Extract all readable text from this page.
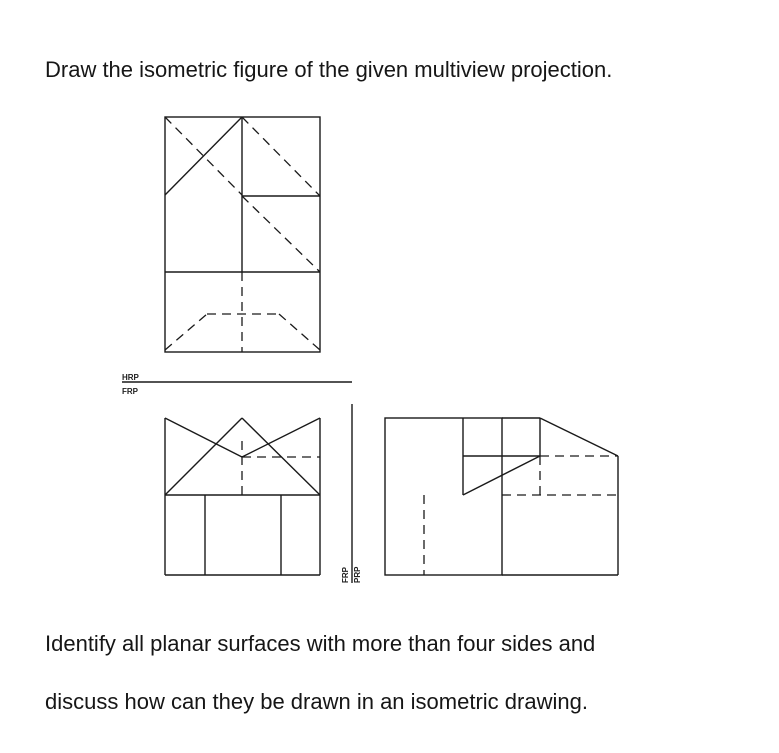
Draw the isometric figure of the given multiview projection.
HRP
FRP
FRP PRP
Identify all planar surfaces with more than four sides and
discuss how can they be drawn in an isometric drawing.
